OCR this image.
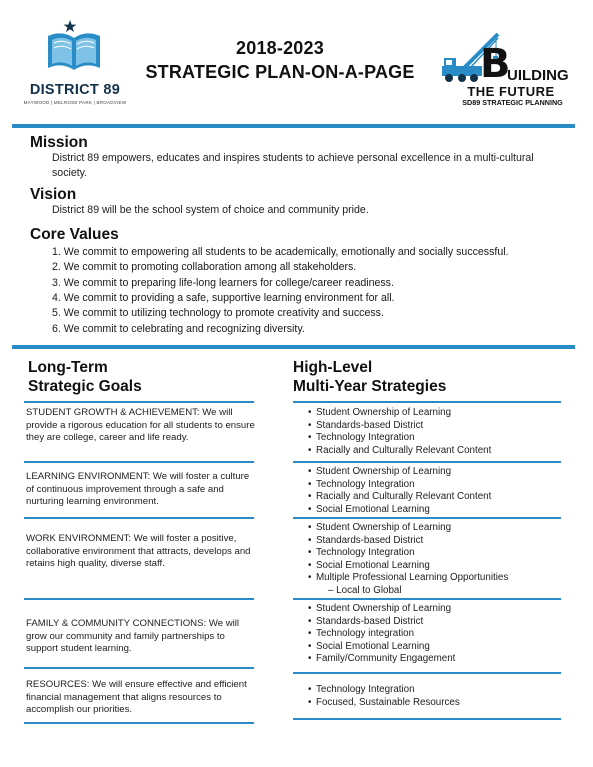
DISTRICT 89
MAYWOOD | MELROSE PARK | BROADVIEW
2018-2023
STRATEGIC PLAN-ON-A-PAGE	B
UILDING
THE FUTURE
SD89 STRATEGIC PLANNING
Mission
District 89 empowers, educates and inspires students to achieve personal excellence in a multi-cultural society.
Vision
District 89 will be the school system of choice and community pride.
Core Values
1. We commit to empowering all students to be academically, emotionally and socially successful.
2. We commit to promoting collaboration among all stakeholders.
3. We commit to preparing life-long learners for college/career readiness.
4. We commit to providing a safe, supportive learning environment for all.
5. We commit to utilizing technology to promote creativity and success.
6. We commit to celebrating and recognizing diversity.
Long-Term
Strategic Goals
High-Level
Multi-Year Strategies
STUDENT GROWTH & ACHIEVEMENT: We will provide a rigorous education for all students to ensure they are college, career and life ready.
LEARNING ENVIRONMENT: We will foster a culture of continuous improvement through a safe and nurturing learning environment.
WORK ENVIRONMENT: We will foster a positive, collaborative environment that attracts, develops and retains high quality, diverse staff.
FAMILY & COMMUNITY CONNECTIONS: We will grow our community and family partnerships to support student learning.
RESOURCES: We will ensure effective and efficient financial management that aligns resources to accomplish our priorities.
• Student Ownership of Learning
• Standards-based District
• Technology Integration
• Racially and Culturally Relevant Content
• Student Ownership of Learning
• Technology Integration
• Racially and Culturally Relevant Content
• Social Emotional Learning
• Student Ownership of Learning
• Standards-based District
• Technology Integration
• Social Emotional Learning
• Multiple Professional Learning Opportunities
– Local to Global
• Student Ownership of Learning
• Standards-based District
• Technology integration
• Social Emotional Learning
• Family/Community Engagement
• Technology Integration
• Focused, Sustainable Resources
